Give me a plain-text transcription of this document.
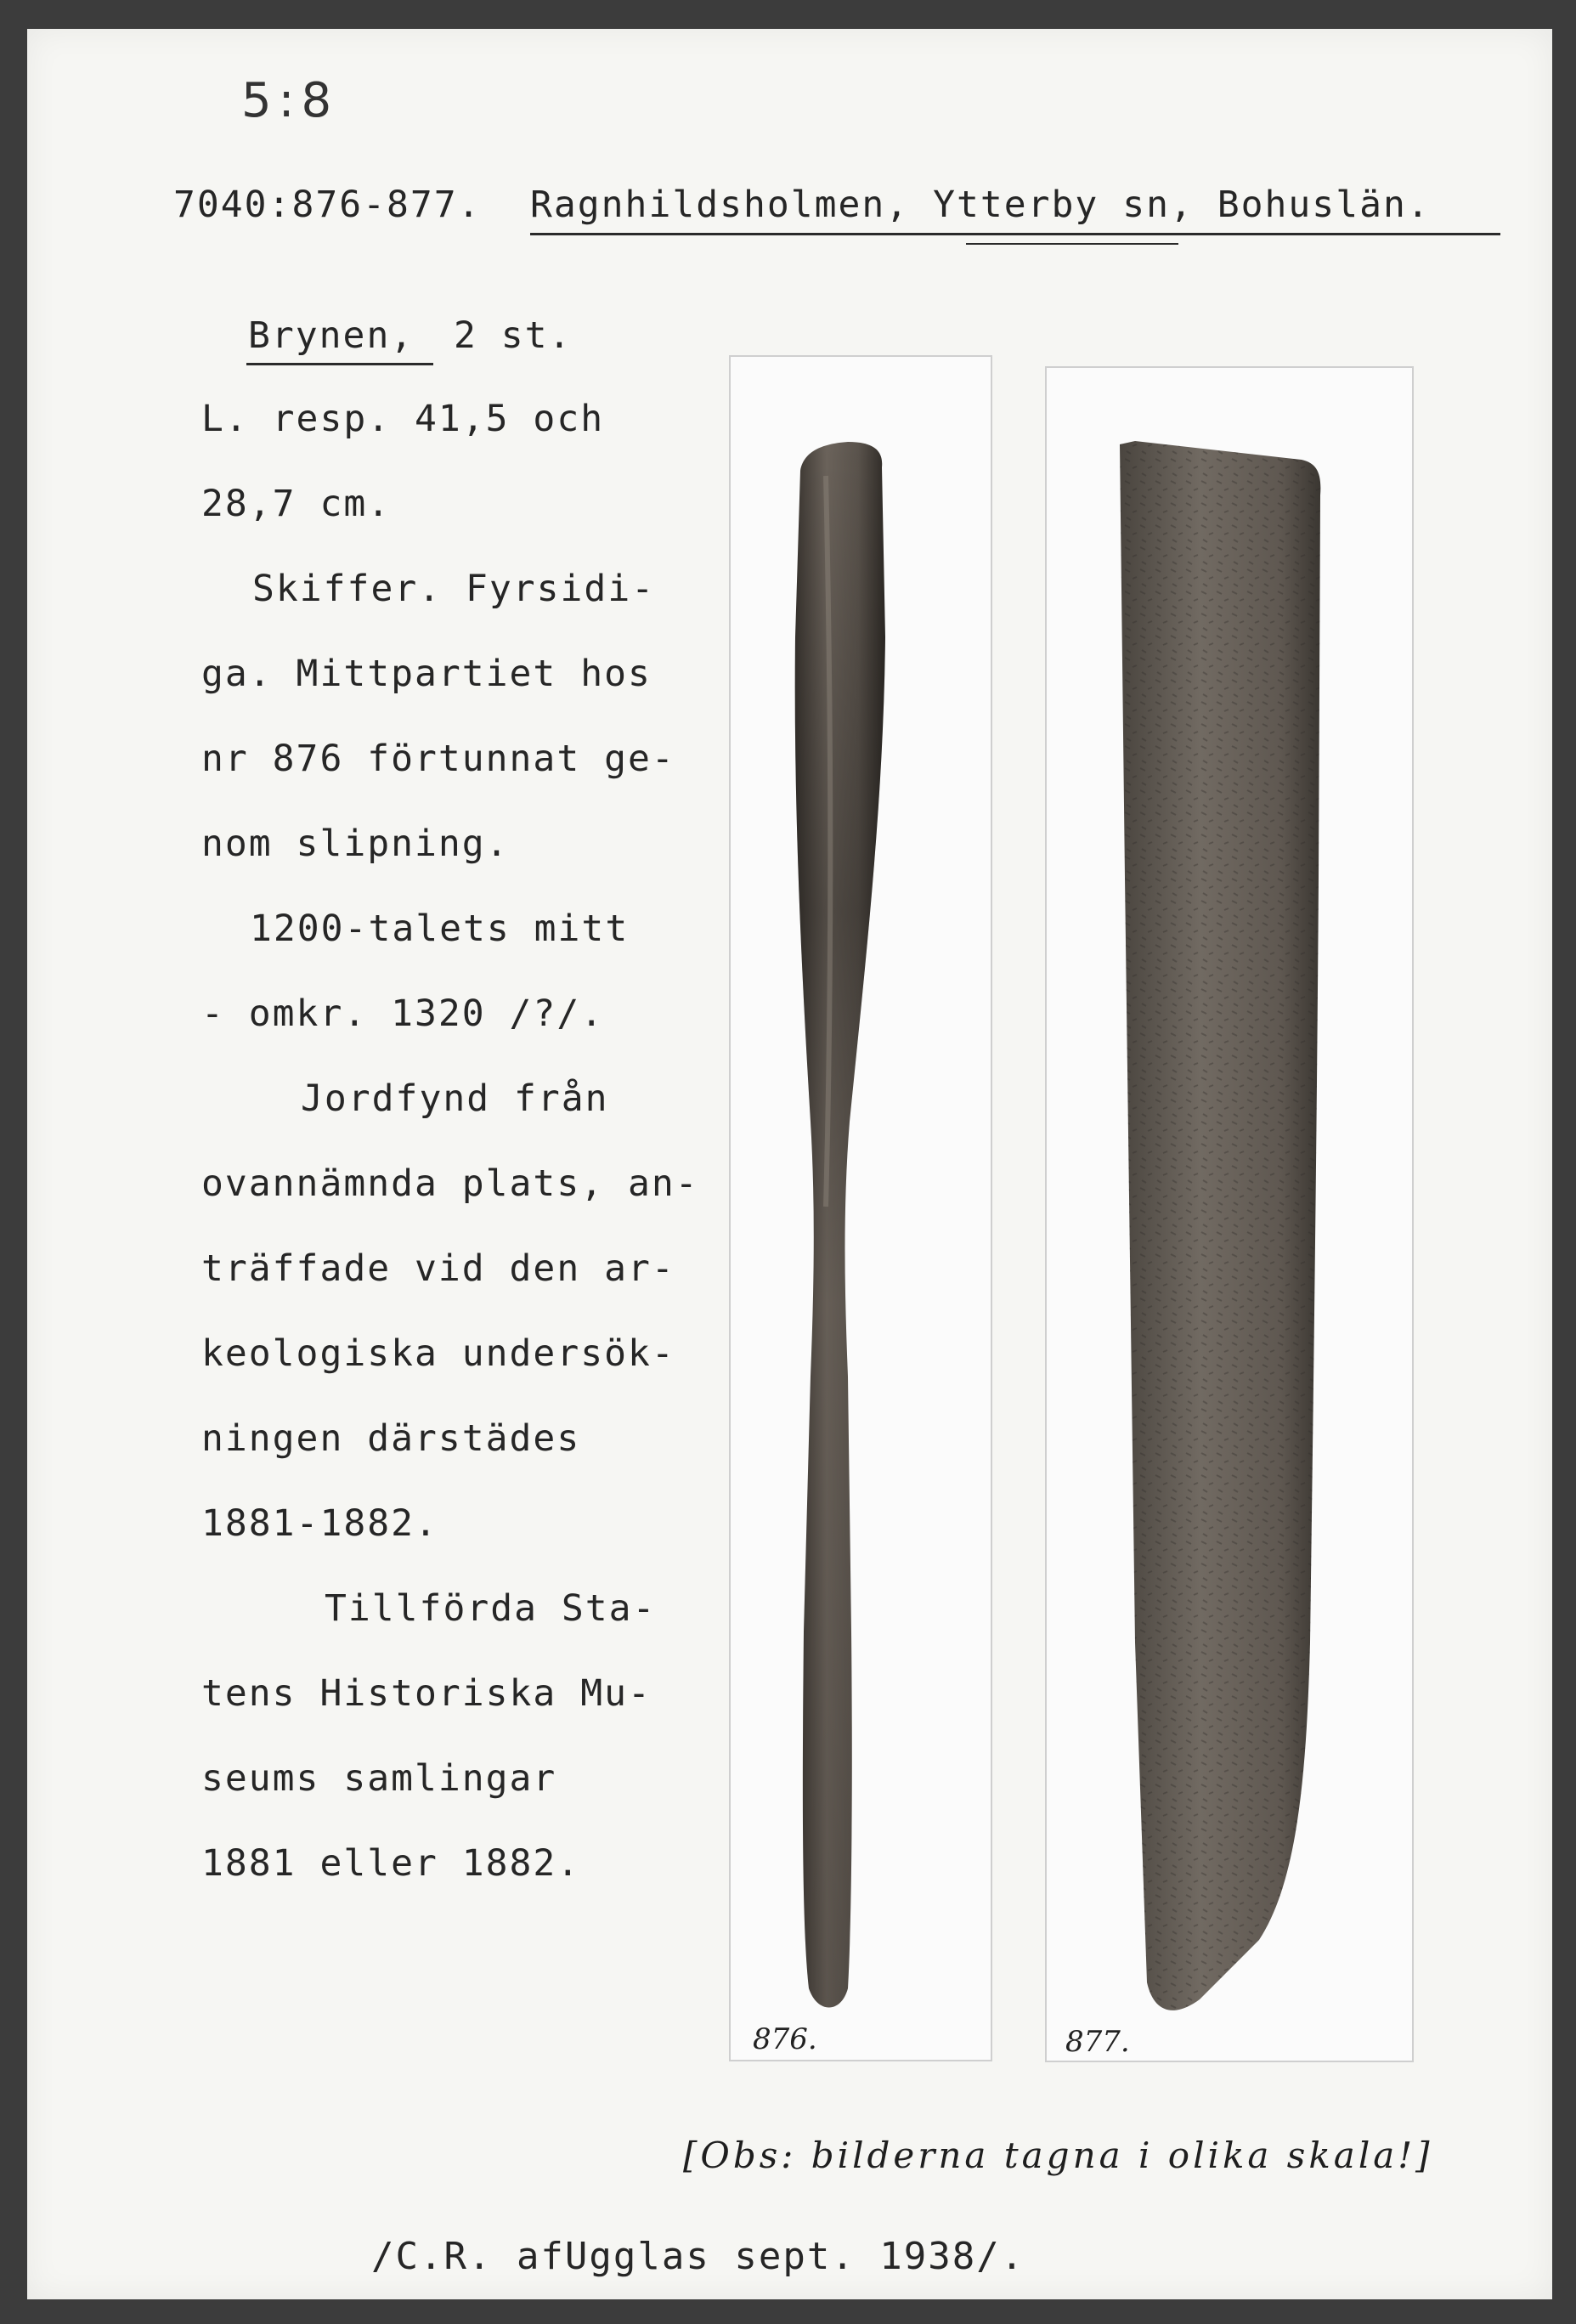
5:8
7040:876-877. Ragnhildsholmen, Ytterby sn, Bohuslän.
Brynen, 2 st.
L. resp. 41,5 och
28,7 cm.
Skiffer. Fyrsidi-
ga. Mittpartiet hos
nr 876 förtunnat ge-
nom slipning.
1200-talets mitt
- omkr. 1320 /?/.
Jordfynd från
ovannämnda plats, an-
träffade vid den ar-
keologiska undersök-
ningen därstädes
1881-1882.
Tillförda Sta-
tens Historiska Mu-
seums samlingar
1881 eller 1882.
876.	877.
[Obs: bilderna tagna i olika skala!]
/C.R. afUgglas sept. 1938/.
